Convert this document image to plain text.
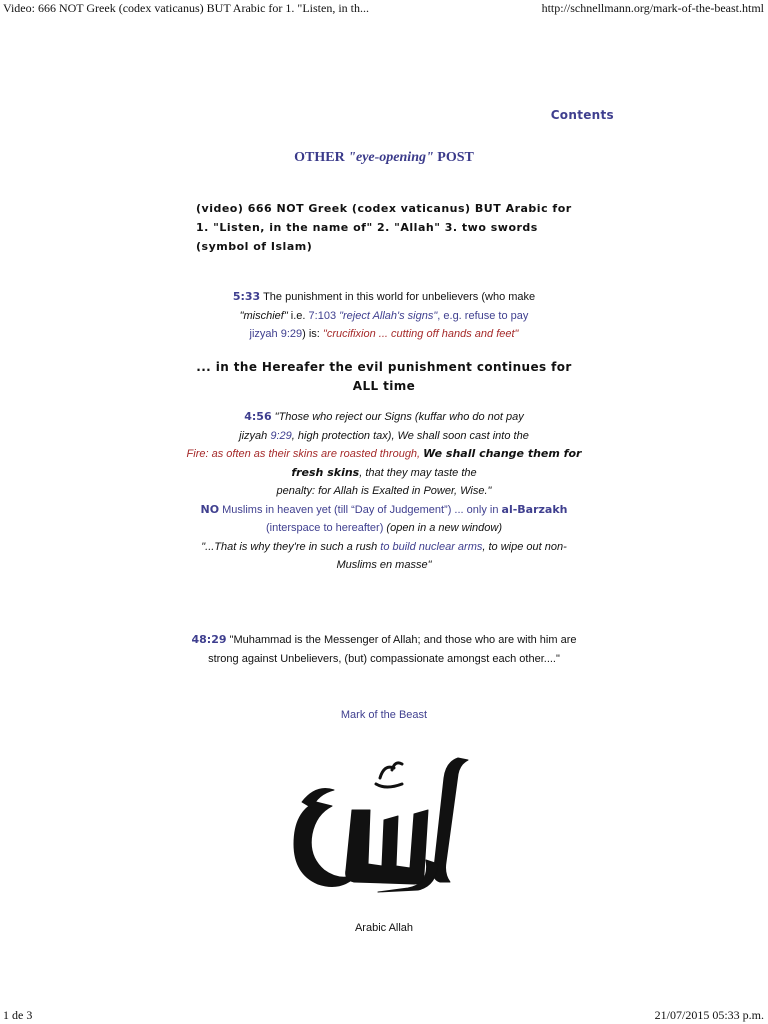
Video: 666 NOT Greek (codex vaticanus) BUT Arabic for 1. "Listen, in th...	http://schnellmann.org/mark-of-the-beast.html
Contents
OTHER "eye-opening" POST
(video) 666 NOT Greek (codex vaticanus) BUT Arabic for 1. "Listen, in the name of" 2. "Allah" 3. two swords (symbol of Islam)
5:33 The punishment in this world for unbelievers (who make
"mischief" i.e. 7:103 "reject Allah's signs", e.g. refuse to pay
jizyah 9:29) is: "crucifixion ... cutting off hands and feet"
... in the Hereafer the evil punishment continues for ALL time
4:56 "Those who reject our Signs (kuffar who do not pay
jizyah 9:29, high protection tax), We shall soon cast into the
Fire: as often as their skins are roasted through, We shall change them for fresh skins, that they may taste the
penalty: for Allah is Exalted in Power, Wise."
NO Muslims in heaven yet (till “Day of Judgement”) ... only in al-Barzakh
(interspace to hereafter) (open in a new window)
"...That is why they're in such a rush to build nuclear arms, to wipe out non-Muslims en masse"
48:29 "Muhammad is the Messenger of Allah; and those who are with him are strong against Unbelievers, (but) compassionate amongst each other...."
Mark of the Beast
Arabic Allah
1 de 3	21/07/2015 05:33 p.m.
